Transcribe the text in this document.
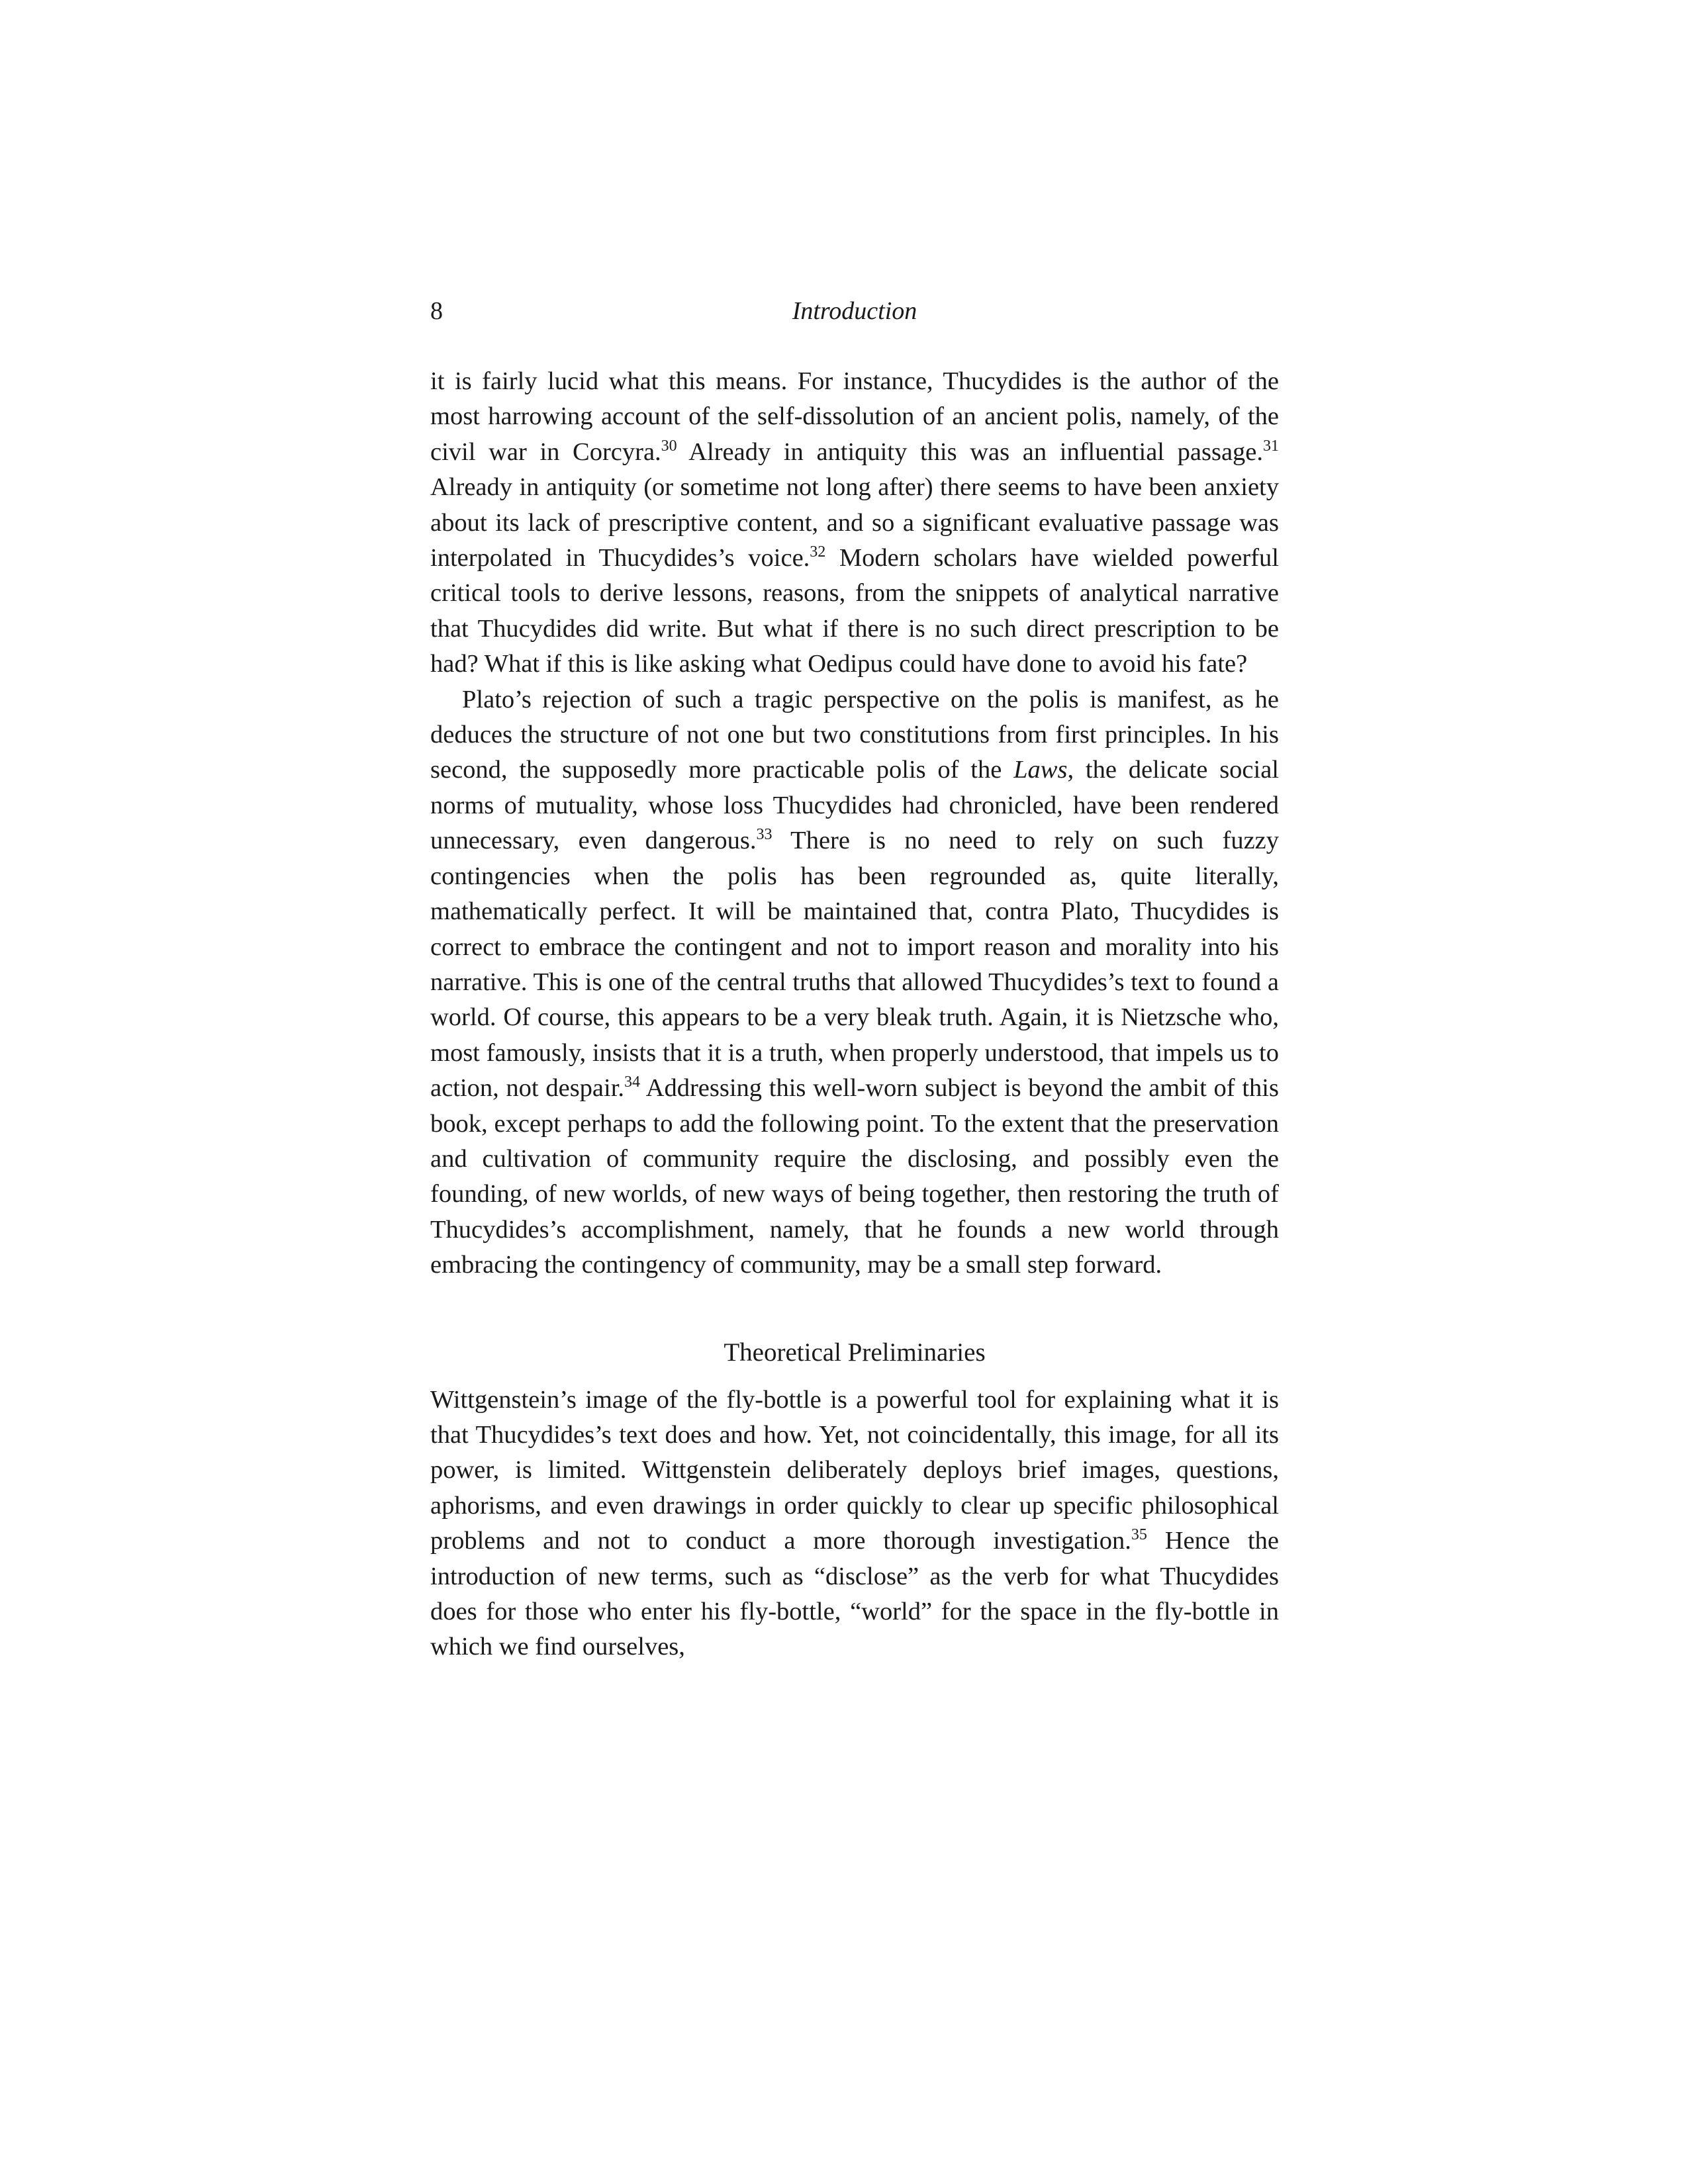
8	Introduction

it is fairly lucid what this means. For instance, Thucydides is the author of the most harrowing account of the self-dissolution of an ancient polis, namely, of the civil war in Corcyra.$^{30}$ Already in antiquity this was an influential passage.$^{31}$ Already in antiquity (or sometime not long after) there seems to have been anxiety about its lack of prescriptive content, and so a significant evaluative passage was interpolated in Thucydides’s voice.$^{32}$ Modern scholars have wielded powerful critical tools to derive lessons, reasons, from the snippets of analytical narrative that Thucydides did write. But what if there is no such direct prescription to be had? What if this is like asking what Oedipus could have done to avoid his fate?

Plato’s rejection of such a tragic perspective on the polis is manifest, as he deduces the structure of not one but two constitutions from first principles. In his second, the supposedly more practicable polis of the Laws, the delicate social norms of mutuality, whose loss Thucydides had chronicled, have been rendered unnecessary, even dangerous.$^{33}$ There is no need to rely on such fuzzy contingencies when the polis has been regrounded as, quite literally, mathematically perfect. It will be maintained that, contra Plato, Thucydides is correct to embrace the contingent and not to import reason and morality into his narrative. This is one of the central truths that allowed Thucydides’s text to found a world. Of course, this appears to be a very bleak truth. Again, it is Nietzsche who, most famously, insists that it is a truth, when properly understood, that impels us to action, not despair.$^{34}$ Addressing this well-worn subject is beyond the ambit of this book, except perhaps to add the following point. To the extent that the preservation and cultivation of community require the disclosing, and possibly even the founding, of new worlds, of new ways of being together, then restoring the truth of Thucydides’s accomplishment, namely, that he founds a new world through embracing the contingency of community, may be a small step forward.

Theoretical Preliminaries

Wittgenstein’s image of the fly-bottle is a powerful tool for explaining what it is that Thucydides’s text does and how. Yet, not coincidentally, this image, for all its power, is limited. Wittgenstein deliberately deploys brief images, questions, aphorisms, and even drawings in order quickly to clear up specific philosophical problems and not to conduct a more thorough investigation.$^{35}$ Hence the introduction of new terms, such as “disclose” as the verb for what Thucydides does for those who enter his fly-bottle, “world” for the space in the fly-bottle in which we find ourselves,
